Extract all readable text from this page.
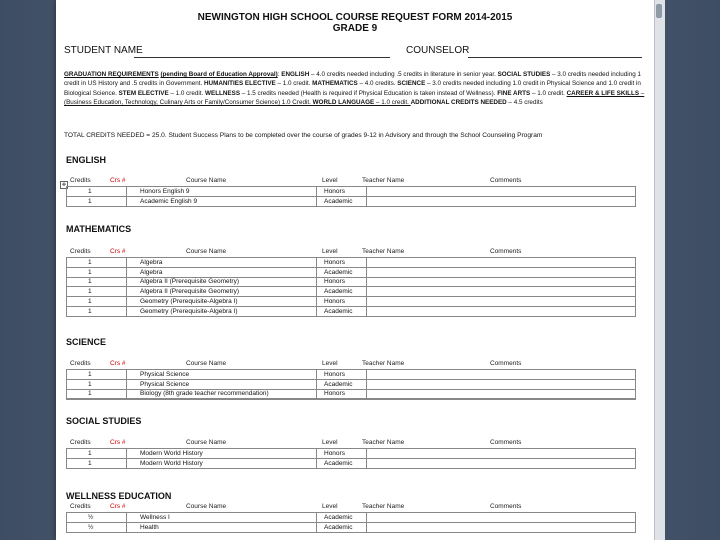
NEWINGTON HIGH SCHOOL COURSE REQUEST FORM 2014-2015
GRADE 9
STUDENT NAME	COUNSELOR
GRADUATION REQUIREMENTS (pending Board of Education Approval): ENGLISH – 4.0 credits needed including .5 credits in literature in senior year. SOCIAL STUDIES – 3.0 credits needed including 1 credit in US History and .5 credits in Government. HUMANITIES ELECTIVE – 1.0 credit. MATHEMATICS – 4.0 credits. SCIENCE – 3.0 credits needed including 1.0 credit in Physical Science and 1.0 credit in Biological Science. STEM ELECTIVE – 1.0 credit. WELLNESS – 1.5 credits needed (Health is required if Physical Education is taken instead of Wellness). FINE ARTS – 1.0 credit. CAREER & LIFE SKILLS – (Business Education, Technology, Culinary Arts or Family/Consumer Science) 1.0 Credit. WORLD LANGUAGE – 1.0 credit. ADDITIONAL CREDITS NEEDED – 4.5 credits
TOTAL CREDITS NEEDED = 25.0. Student Success Plans to be completed over the course of grades 9-12 in Advisory and through the School Counseling Program
✥
ENGLISH
Credits	Crs #	Course Name	Level	Teacher Name	Comments
1	Honors English 9	Honors
1	Academic English 9	Academic
MATHEMATICS
Credits	Crs #	Course Name	Level	Teacher Name	Comments
1	Algebra	Honors
1	Algebra	Academic
1	Algebra II (Prerequisite Geometry)	Honors
1	Algebra II (Prerequisite Geometry)	Academic
1	Geometry (Prerequisite-Algebra I)	Honors
1	Geometry (Prerequisite-Algebra I)	Academic
SCIENCE
Credits	Crs #	Course Name	Level	Teacher Name	Comments
1	Physical Science	Honors
1	Physical Science	Academic
1	Biology (8th grade teacher recommendation)	Honors
SOCIAL STUDIES
Credits	Crs #	Course Name	Level	Teacher Name	Comments
1	Modern World History	Honors
1	Modern World History	Academic
WELLNESS EDUCATION
Credits	Crs #	Course Name	Level	Teacher Name	Comments
½	Wellness I	Academic
½	Health	Academic
